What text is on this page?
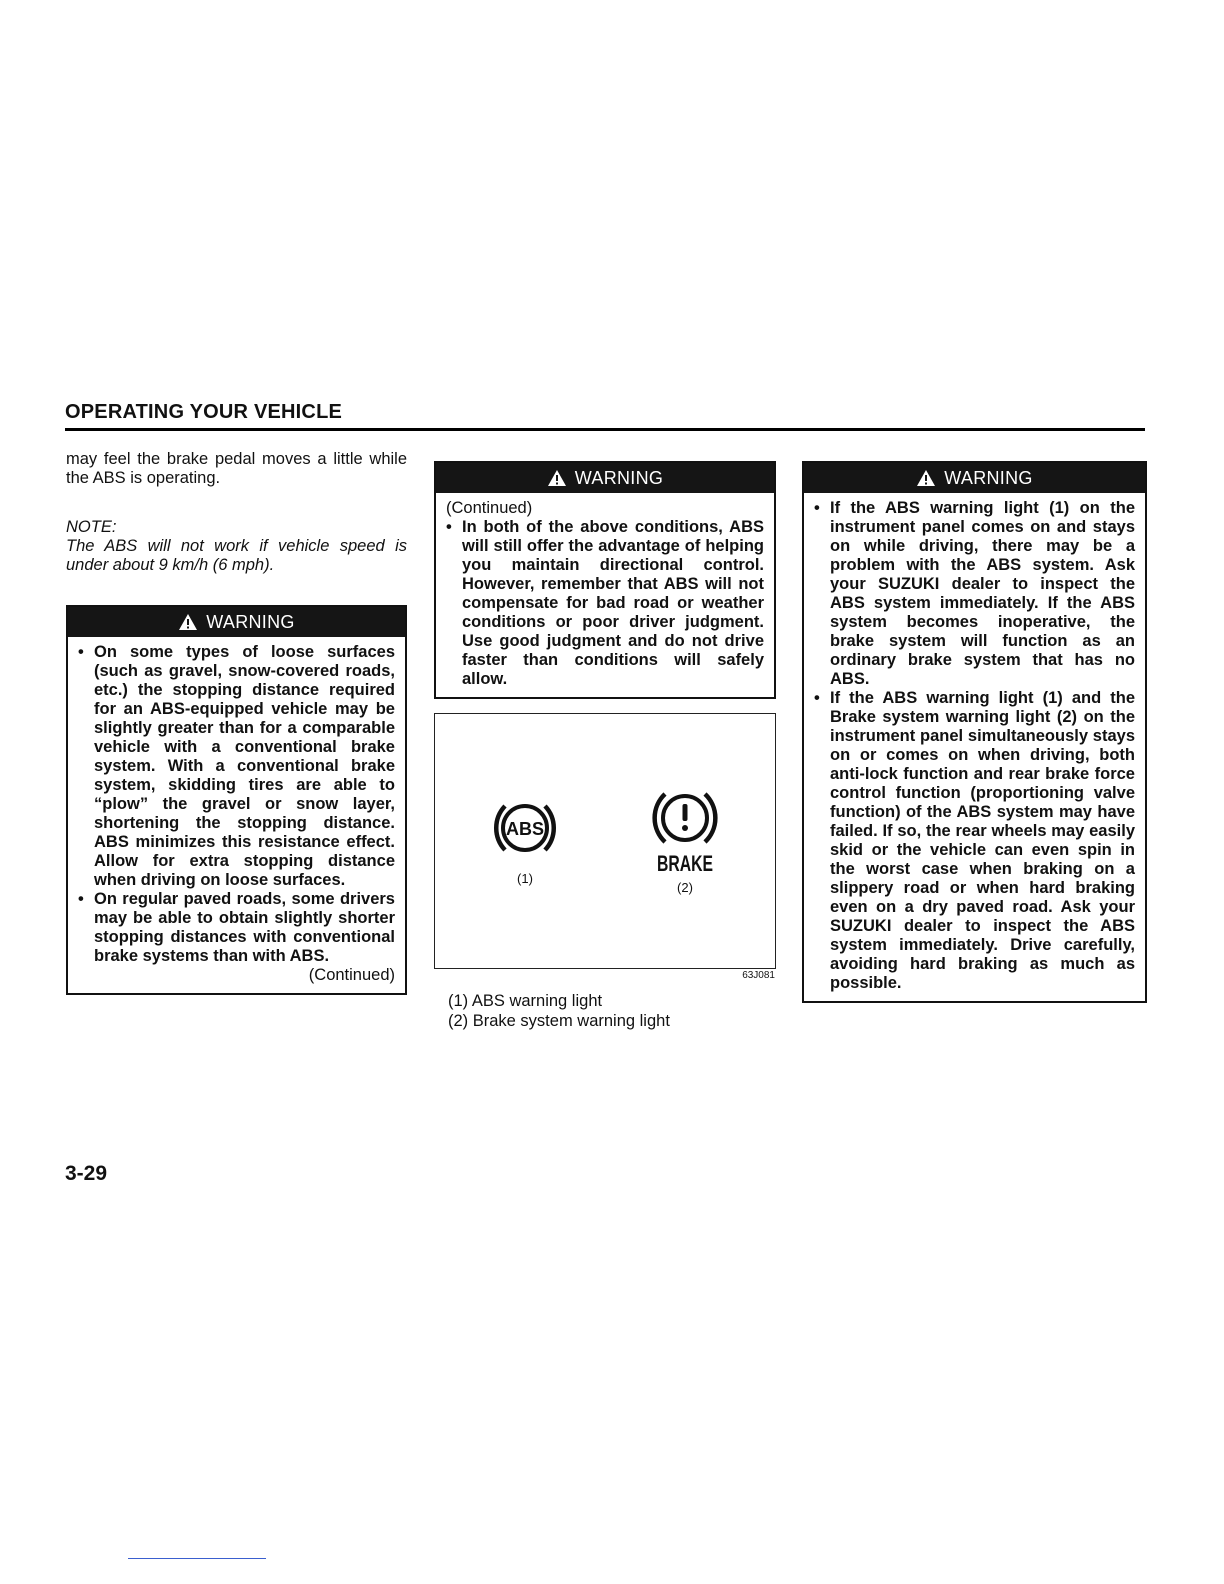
OPERATING YOUR VEHICLE

may feel the brake pedal moves a little while the ABS is operating.

NOTE:

The ABS will not work if vehicle speed is under about 9 km/h (6 mph).

WARNING
• On some types of loose surfaces (such as gravel, snow-covered roads, etc.) the stopping distance required for an ABS-equipped vehicle may be slightly greater than for a comparable vehicle with a conventional brake system. With a conventional brake system, skidding tires are able to “plow” the gravel or snow layer, shortening the stopping distance. ABS minimizes this resistance effect. Allow for extra stopping distance when driving on loose surfaces.
• On regular paved roads, some drivers may be able to obtain slightly shorter stopping distances with conventional brake systems than with ABS.

(Continued)

WARNING

(Continued)

• In both of the above conditions, ABS will still offer the advantage of helping you maintain directional control. However, remember that ABS will not compensate for bad road or weather conditions or poor driver judgment. Use good judgment and do not drive faster than conditions will safely allow.
ABS
(1)
BRAKE
(2)
63J081
(1) ABS warning light
(2) Brake system warning light
WARNING
• If the ABS warning light (1) on the instrument panel comes on and stays on while driving, there may be a problem with the ABS system. Ask your SUZUKI dealer to inspect the ABS system immediately. If the ABS system becomes inoperative, the brake system will function as an ordinary brake system that has no ABS.
• If the ABS warning light (1) and the Brake system warning light (2) on the instrument panel simultaneously stays on or comes on when driving, both anti-lock function and rear brake force control function (proportioning valve function) of the ABS system may have failed. If so, the rear wheels may easily skid or the vehicle can even spin in the worst case when braking on a slippery road or when hard braking even on a dry paved road. Ask your SUZUKI dealer to inspect the ABS system immediately. Drive carefully, avoiding hard braking as much as possible.
3-29
